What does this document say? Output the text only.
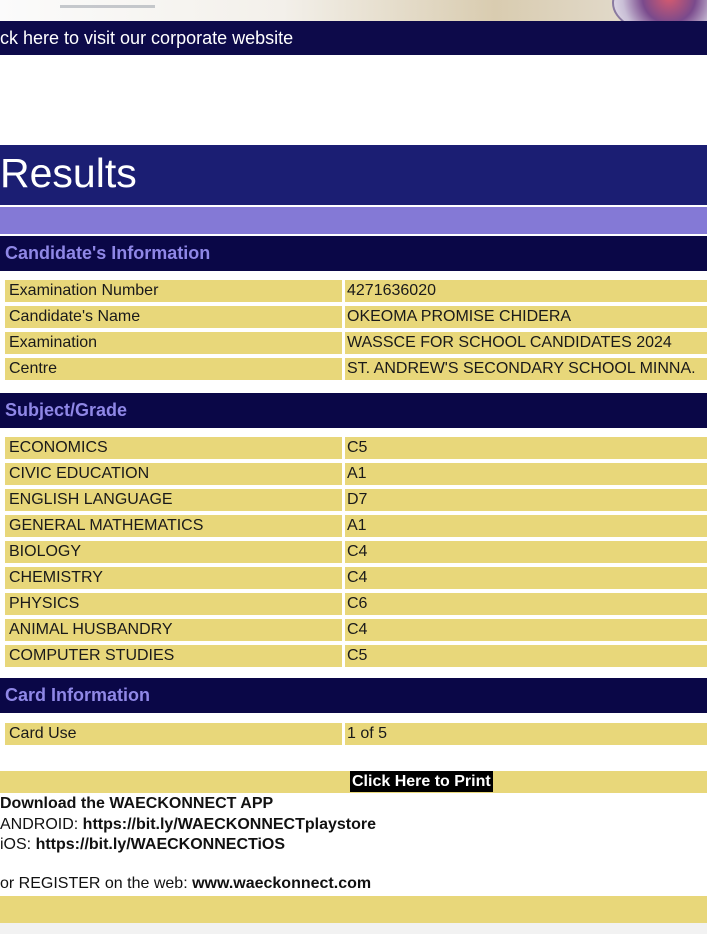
ck here to visit our corporate website
Results
Candidate's Information
Examination Number	4271636020
Candidate's Name	OKEOMA PROMISE CHIDERA
Examination	WASSCE FOR SCHOOL CANDIDATES 2024
Centre	ST. ANDREW'S SECONDARY SCHOOL MINNA.
Subject/Grade
ECONOMICS	C5
CIVIC EDUCATION	A1
ENGLISH LANGUAGE	D7
GENERAL MATHEMATICS	A1
BIOLOGY	C4
CHEMISTRY	C4
PHYSICS	C6
ANIMAL HUSBANDRY	C4
COMPUTER STUDIES	C5
Card Information
Card Use	1 of 5
Click Here to Print
Download the WAECKONNECT APP
ANDROID: https://bit.ly/WAECKONNECTplaystore
iOS: https://bit.ly/WAECKONNECTiOS
or REGISTER on the web: www.waeckonnect.com
